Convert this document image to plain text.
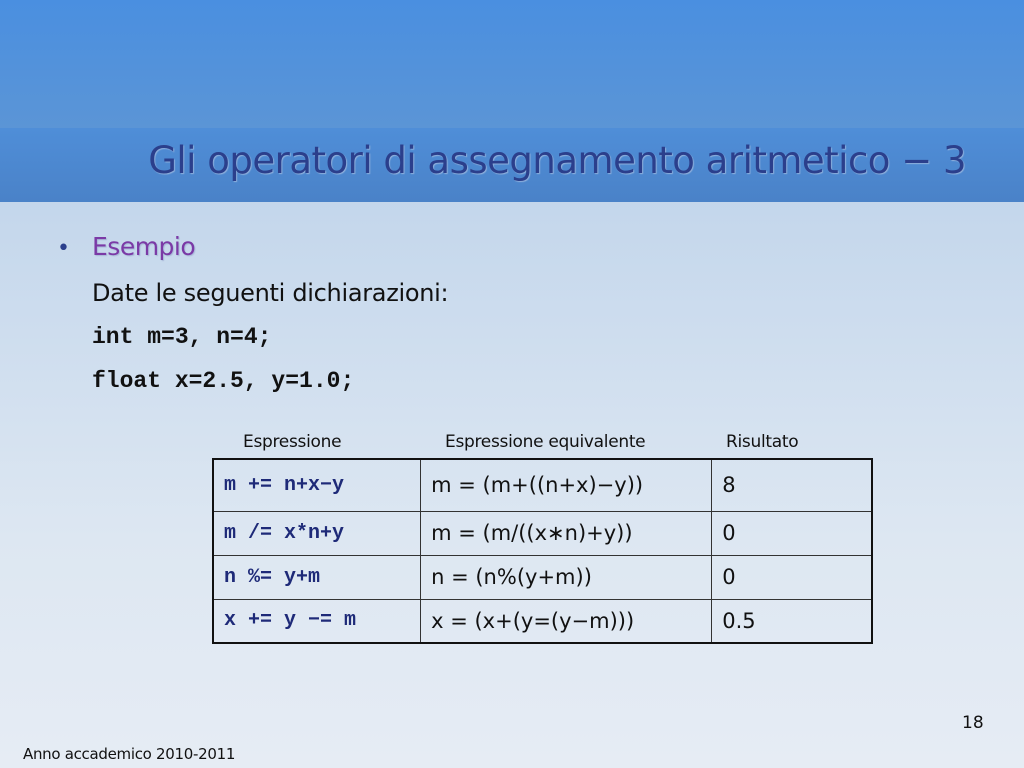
Gli operatori di assegnamento aritmetico − 3
• Esempio
Date le seguenti dichiarazioni:
int m=3, n=4;
float x=2.5, y=1.0;
Espressione	Espressione equivalente	Risultato
m += n+x−y	m = (m+((n+x)−y))	8
m /= x*n+y	m = (m/((x∗n)+y))	0
n %= y+m	n = (n%(y+m))	0
x += y −= m	x = (x+(y=(y−m)))	0.5
18
Anno accademico 2010-2011
